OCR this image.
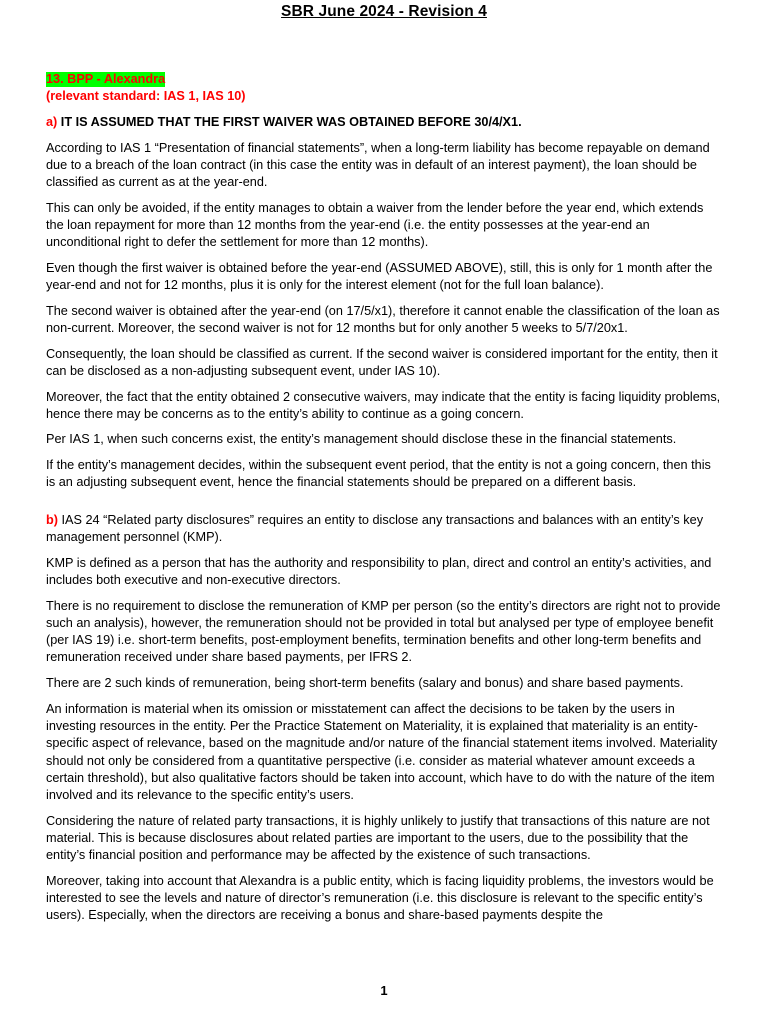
SBR June 2024 - Revision 4
13. BPP - Alexandra

(relevant standard: IAS 1, IAS 10)

a) IT IS ASSUMED THAT THE FIRST WAIVER WAS OBTAINED BEFORE 30/4/X1.

According to IAS 1 “Presentation of financial statements”, when a long-term liability has become repayable on demand due to a breach of the loan contract (in this case the entity was in default of an interest payment), the loan should be classified as current as at the year-end.

This can only be avoided, if the entity manages to obtain a waiver from the lender before the year end, which extends the loan repayment for more than 12 months from the year-end (i.e. the entity possesses at the year-end an unconditional right to defer the settlement for more than 12 months).

Even though the first waiver is obtained before the year-end (ASSUMED ABOVE), still, this is only for 1 month after the year-end and not for 12 months, plus it is only for the interest element (not for the full loan balance).

The second waiver is obtained after the year-end (on 17/5/x1), therefore it cannot enable the classification of the loan as non-current. Moreover, the second waiver is not for 12 months but for only another 5 weeks to 5/7/20x1.

Consequently, the loan should be classified as current. If the second waiver is considered important for the entity, then it can be disclosed as a non-adjusting subsequent event, under IAS 10).

Moreover, the fact that the entity obtained 2 consecutive waivers, may indicate that the entity is facing liquidity problems, hence there may be concerns as to the entity’s ability to continue as a going concern.

Per IAS 1, when such concerns exist, the entity’s management should disclose these in the financial statements.

If the entity’s management decides, within the subsequent event period, that the entity is not a going concern, then this is an adjusting subsequent event, hence the financial statements should be prepared on a different basis.

b) IAS 24 “Related party disclosures” requires an entity to disclose any transactions and balances with an entity’s key management personnel (KMP).

KMP is defined as a person that has the authority and responsibility to plan, direct and control an entity’s activities, and includes both executive and non-executive directors.

There is no requirement to disclose the remuneration of KMP per person (so the entity’s directors are right not to provide such an analysis), however, the remuneration should not be provided in total but analysed per type of employee benefit (per IAS 19) i.e. short-term benefits, post-employment benefits, termination benefits and other long-term benefits and remuneration received under share based payments, per IFRS 2.

There are 2 such kinds of remuneration, being short-term benefits (salary and bonus) and share based payments.

An information is material when its omission or misstatement can affect the decisions to be taken by the users in investing resources in the entity. Per the Practice Statement on Materiality, it is explained that materiality is an entity-specific aspect of relevance, based on the magnitude and/or nature of the financial statement items involved. Materiality should not only be considered from a quantitative perspective (i.e. consider as material whatever amount exceeds a certain threshold), but also qualitative factors should be taken into account, which have to do with the nature of the item involved and its relevance to the specific entity’s users.

Considering the nature of related party transactions, it is highly unlikely to justify that transactions of this nature are not material. This is because disclosures about related parties are important to the users, due to the possibility that the entity’s financial position and performance may be affected by the existence of such transactions.

Moreover, taking into account that Alexandra is a public entity, which is facing liquidity problems, the investors would be interested to see the levels and nature of director’s remuneration (i.e. this disclosure is relevant to the specific entity’s users). Especially, when the directors are receiving a bonus and share-based payments despite the

1
